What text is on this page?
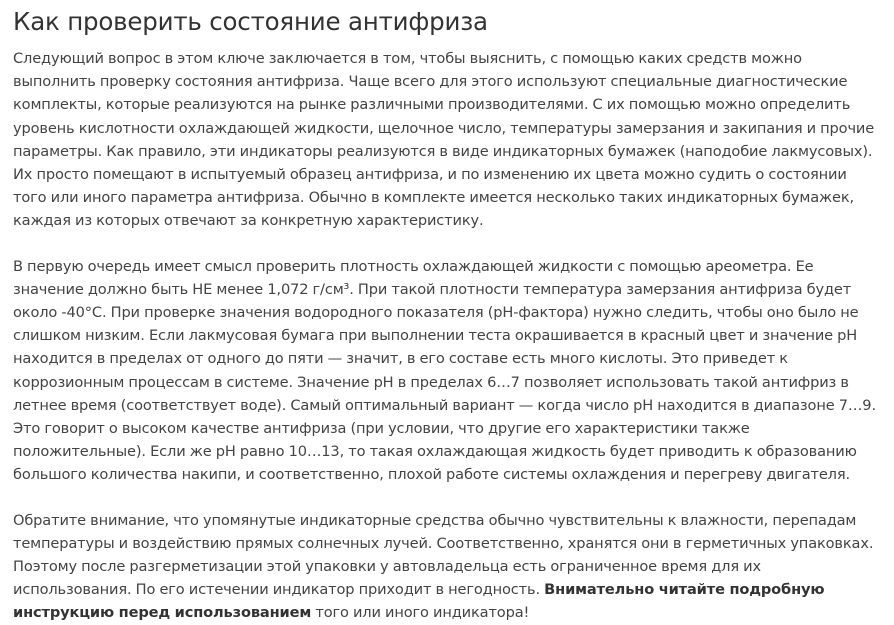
Как проверить состояние антифриза

Следующий вопрос в этом ключе заключается в том, чтобы выяснить, с помощью каких средств можно выполнить проверку состояния антифриза. Чаще всего для этого используют специальные диагностические комплекты, которые реализуются на рынке различными производителями. С их помощью можно определить уровень кислотности охлаждающей жидкости, щелочное число, температуры замерзания и закипания и прочие параметры. Как правило, эти индикаторы реализуются в виде индикаторных бумажек (наподобие лакмусовых). Их просто помещают в испытуемый образец антифриза, и по изменению их цвета можно судить о состоянии того или иного параметра антифриза. Обычно в комплекте имеется несколько таких индикаторных бумажек, каждая из которых отвечают за конкретную характеристику.

В первую очередь имеет смысл проверить плотность охлаждающей жидкости с помощью ареометра. Ее значение должно быть НЕ менее 1,072 г/см³. При такой плотности температура замерзания антифриза будет около -40°С. При проверке значения водородного показателя (рН-фактора) нужно следить, чтобы оно было не слишком низким. Если лакмусовая бумага при выполнении теста окрашивается в красный цвет и значение рН находится в пределах от одного до пяти — значит, в его составе есть много кислоты. Это приведет к коррозионным процессам в системе. Значение рН в пределах 6…7 позволяет использовать такой антифриз в летнее время (соответствует воде). Самый оптимальный вариант — когда число рН находится в диапазоне 7…9. Это говорит о высоком качестве антифриза (при условии, что другие его характеристики также положительные). Если же рН равно 10…13, то такая охлаждающая жидкость будет приводить к образованию большого количества накипи, и соответственно, плохой работе системы охлаждения и перегреву двигателя.

Обратите внимание, что упомянутые индикаторные средства обычно чувствительны к влажности, перепадам температуры и воздействию прямых солнечных лучей. Соответственно, хранятся они в герметичных упаковках. Поэтому после разгерметизации этой упаковки у автовладельца есть ограниченное время для их использования. По его истечении индикатор приходит в негодность. Внимательно читайте подробную инструкцию перед использованием того или иного индикатора!
